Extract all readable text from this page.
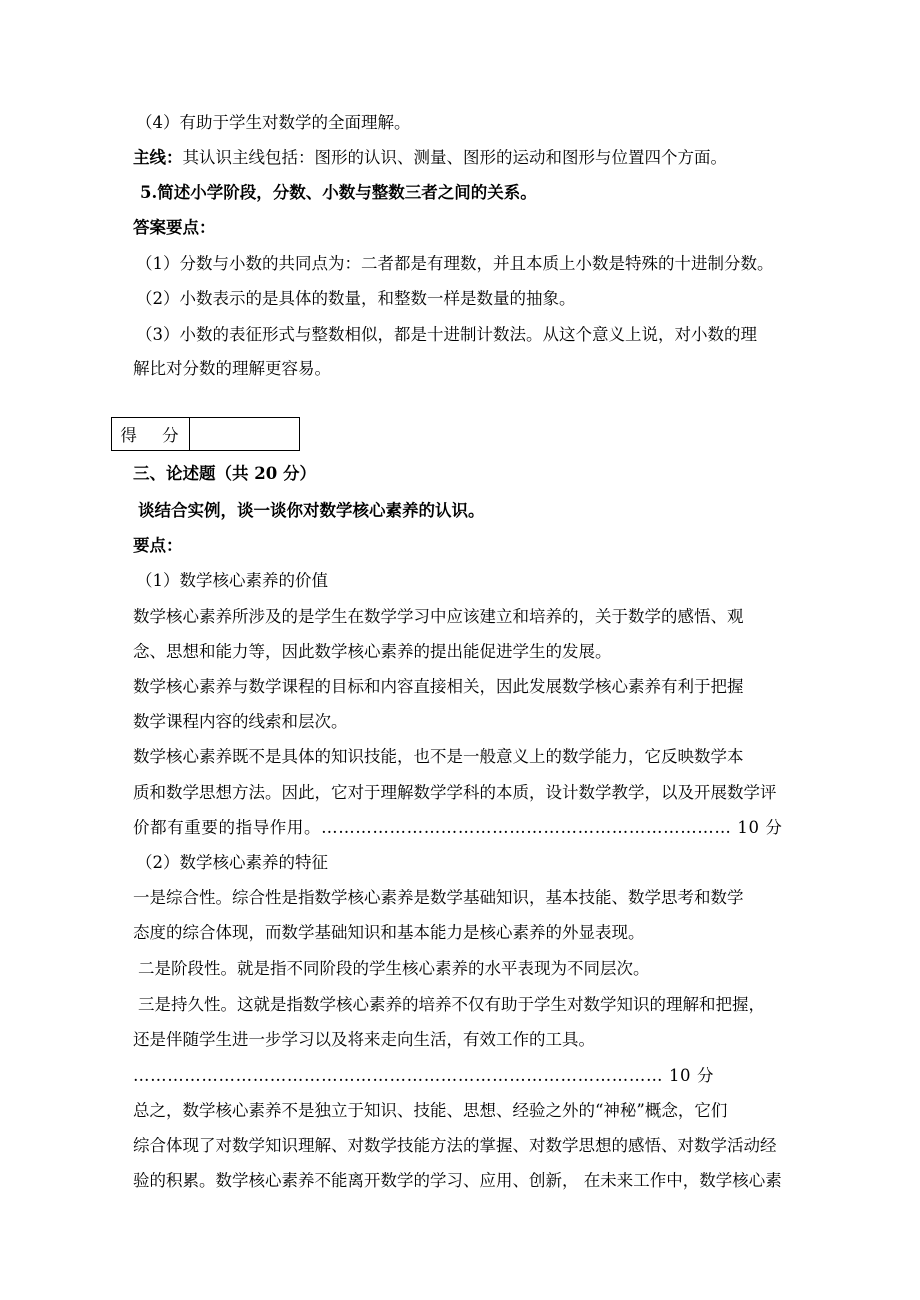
（4）有助于学生对数学的全面理解。
主线：其认识主线包括：图形的认识、测量、图形的运动和图形与位置四个方面。
5.简述小学阶段，分数、小数与整数三者之间的关系。
答案要点：
（1）分数与小数的共同点为：二者都是有理数，并且本质上小数是特殊的十进制分数。
（2）小数表示的是具体的数量，和整数一样是数量的抽象。
（3）小数的表征形式与整数相似，都是十进制计数法。从这个意义上说，对小数的理
解比对分数的理解更容易。
得 分
三、论述题（共 20 分）
谈结合实例，谈一谈你对数学核心素养的认识。
要点：
（1）数学核心素养的价值
数学核心素养所涉及的是学生在数学学习中应该建立和培养的，关于数学的感悟、观
念、思想和能力等，因此数学核心素养的提出能促进学生的发展。
数学核心素养与数学课程的目标和内容直接相关，因此发展数学核心素养有利于把握
数学课程内容的线索和层次。
数学核心素养既不是具体的知识技能，也不是一般意义上的数学能力，它反映数学本
质和数学思想方法。因此，它对于理解数学学科的本质，设计数学教学，以及开展数学评
价都有重要的指导作用。……………………………………………………………… 10 分
（2）数学核心素养的特征
一是综合性。综合性是指数学核心素养是数学基础知识，基本技能、数学思考和数学
态度的综合体现，而数学基础知识和基本能力是核心素养的外显表现。
二是阶段性。就是指不同阶段的学生核心素养的水平表现为不同层次。
三是持久性。这就是指数学核心素养的培养不仅有助于学生对数学知识的理解和把握，
还是伴随学生进一步学习以及将来走向生活，有效工作的工具。
………………………………………………………………………………… 10 分
总之，数学核心素养不是独立于知识、技能、思想、经验之外的“神秘”概念，它们
综合体现了对数学知识理解、对数学技能方法的掌握、对数学思想的感悟、对数学活动经
验的积累。数学核心素养不能离开数学的学习、应用、创新， 在未来工作中，数学核心素
